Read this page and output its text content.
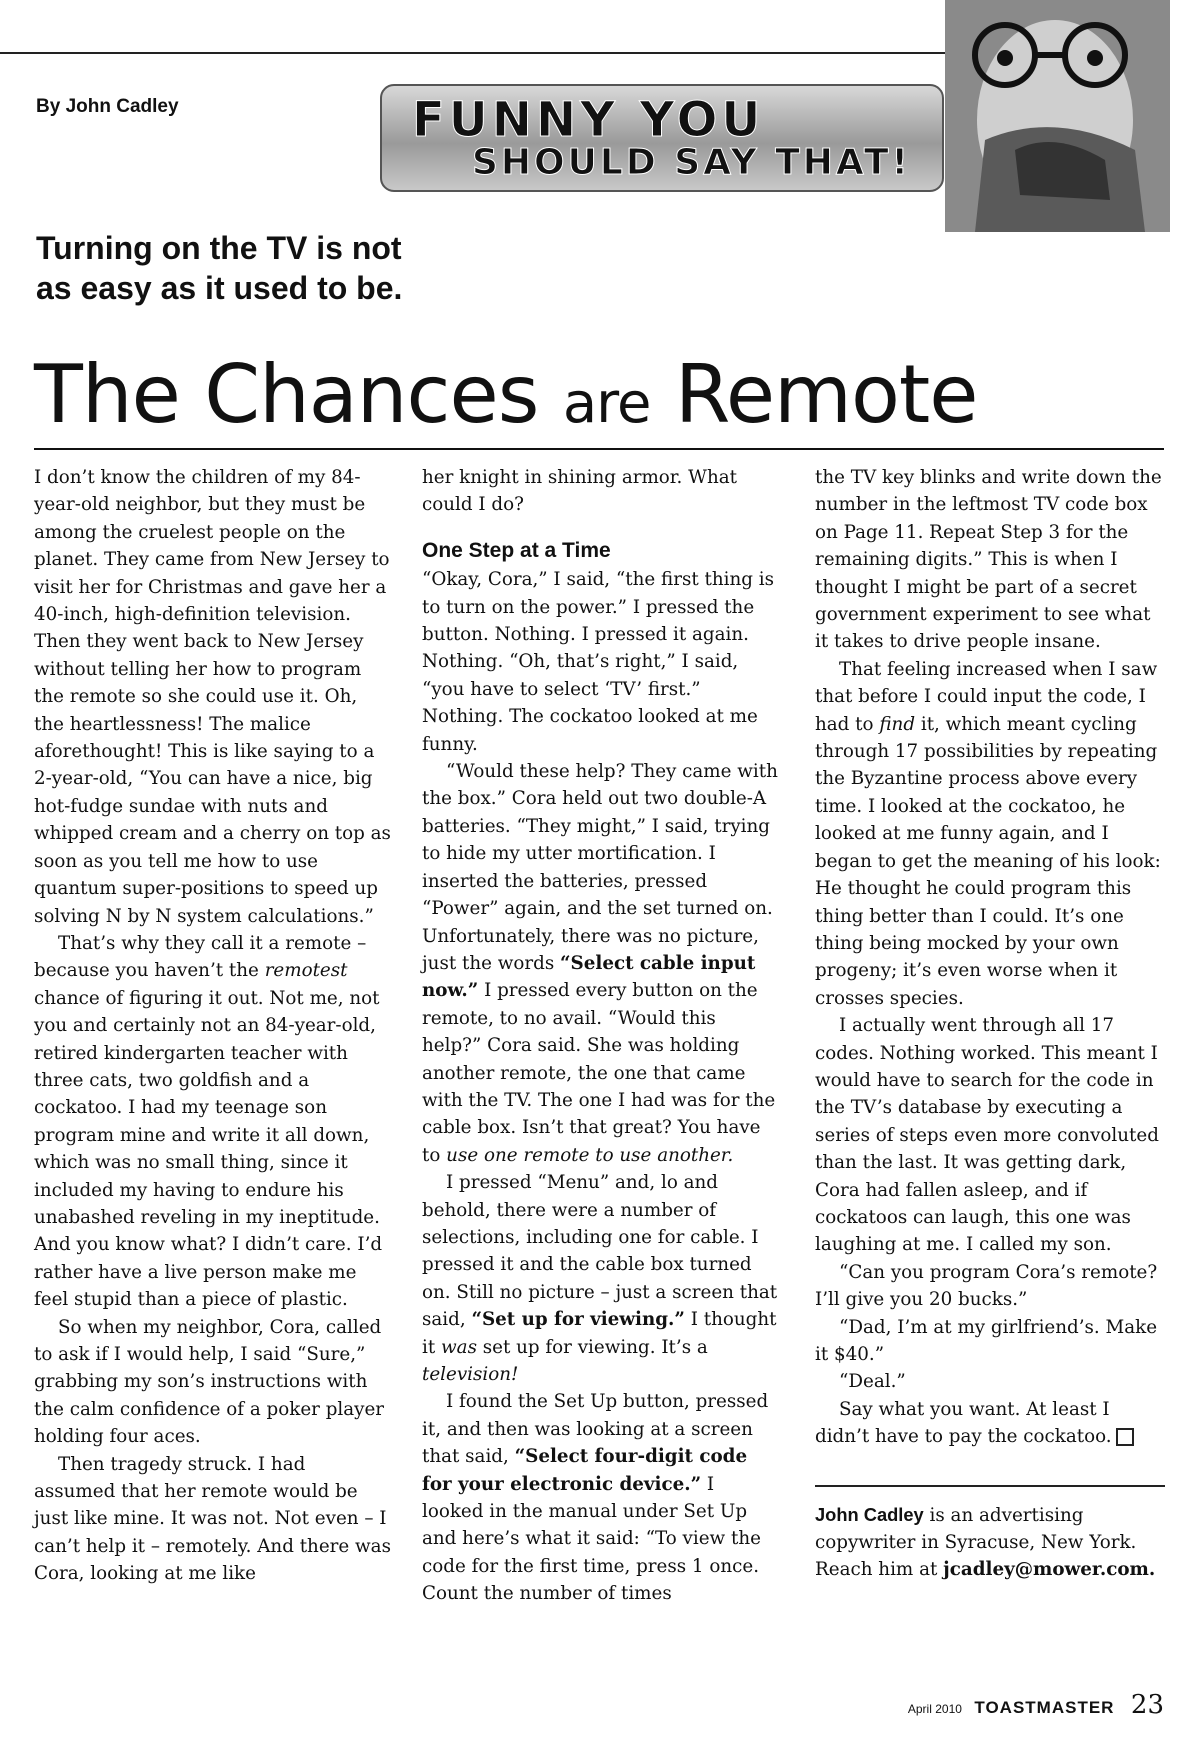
By John Cadley	FUNNY YOU
SHOULD SAY THAT!
Turning on the TV is not as easy as it used to be.
The Chances are Remote

I don’t know the children of my 84-year-old neighbor, but they must be among the cruelest people on the planet. They came from New Jersey to visit her for Christmas and gave her a 40-inch, high-definition television. Then they went back to New Jersey without telling her how to program the remote so she could use it. Oh, the heartlessness! The malice aforethought! This is like saying to a 2-year-old, “You can have a nice, big hot-fudge sundae with nuts and whipped cream and a cherry on top as soon as you tell me how to use quantum super-positions to speed up solving N by N system calculations.”

That’s why they call it a remote – because you haven’t the remotest chance of figuring it out. Not me, not you and certainly not an 84-year-old, retired kindergarten teacher with three cats, two goldfish and a cockatoo. I had my teenage son program mine and write it all down, which was no small thing, since it included my having to endure his unabashed reveling in my ineptitude. And you know what? I didn’t care. I’d rather have a live person make me feel stupid than a piece of plastic.

So when my neighbor, Cora, called to ask if I would help, I said “Sure,” grabbing my son’s instructions with the calm confidence of a poker player holding four aces.

Then tragedy struck. I had assumed that her remote would be just like mine. It was not. Not even – I can’t help it – remotely. And there was Cora, looking at me like

her knight in shining armor. What could I do?

One Step at a Time

“Okay, Cora,” I said, “the first thing is to turn on the power.” I pressed the button. Nothing. I pressed it again. Nothing. “Oh, that’s right,” I said, “you have to select ‘TV’ first.” Nothing. The cockatoo looked at me funny.

“Would these help? They came with the box.” Cora held out two double-A batteries. “They might,” I said, trying to hide my utter mortification. I inserted the batteries, pressed “Power” again, and the set turned on. Unfortunately, there was no picture, just the words “Select cable input now.” I pressed every button on the remote, to no avail. “Would this help?” Cora said. She was holding another remote, the one that came with the TV. The one I had was for the cable box. Isn’t that great? You have to use one remote to use another.

I pressed “Menu” and, lo and behold, there were a number of selections, including one for cable. I pressed it and the cable box turned on. Still no picture – just a screen that said, “Set up for viewing.” I thought it was set up for viewing. It’s a television!

I found the Set Up button, pressed it, and then was looking at a screen that said, “Select four-digit code for your electronic device.” I looked in the manual under Set Up and here’s what it said: “To view the code for the first time, press 1 once. Count the number of times

the TV key blinks and write down the number in the leftmost TV code box on Page 11. Repeat Step 3 for the remaining digits.” This is when I thought I might be part of a secret government experiment to see what it takes to drive people insane.

That feeling increased when I saw that before I could input the code, I had to find it, which meant cycling through 17 possibilities by repeating the Byzantine process above every time. I looked at the cockatoo, he looked at me funny again, and I began to get the meaning of his look: He thought he could program this thing better than I could. It’s one thing being mocked by your own progeny; it’s even worse when it crosses species.

I actually went through all 17 codes. Nothing worked. This meant I would have to search for the code in the TV’s database by executing a series of steps even more convoluted than the last. It was getting dark, Cora had fallen asleep, and if cockatoos can laugh, this one was laughing at me. I called my son.

“Can you program Cora’s remote? I’ll give you 20 bucks.”

“Dad, I’m at my girlfriend’s. Make it $40.”

“Deal.”

Say what you want. At least I didn’t have to pay the cockatoo.

John Cadley is an advertising copywriter in Syracuse, New York. Reach him at jcadley@mower.com.

April 2010 TOASTMASTER 23
